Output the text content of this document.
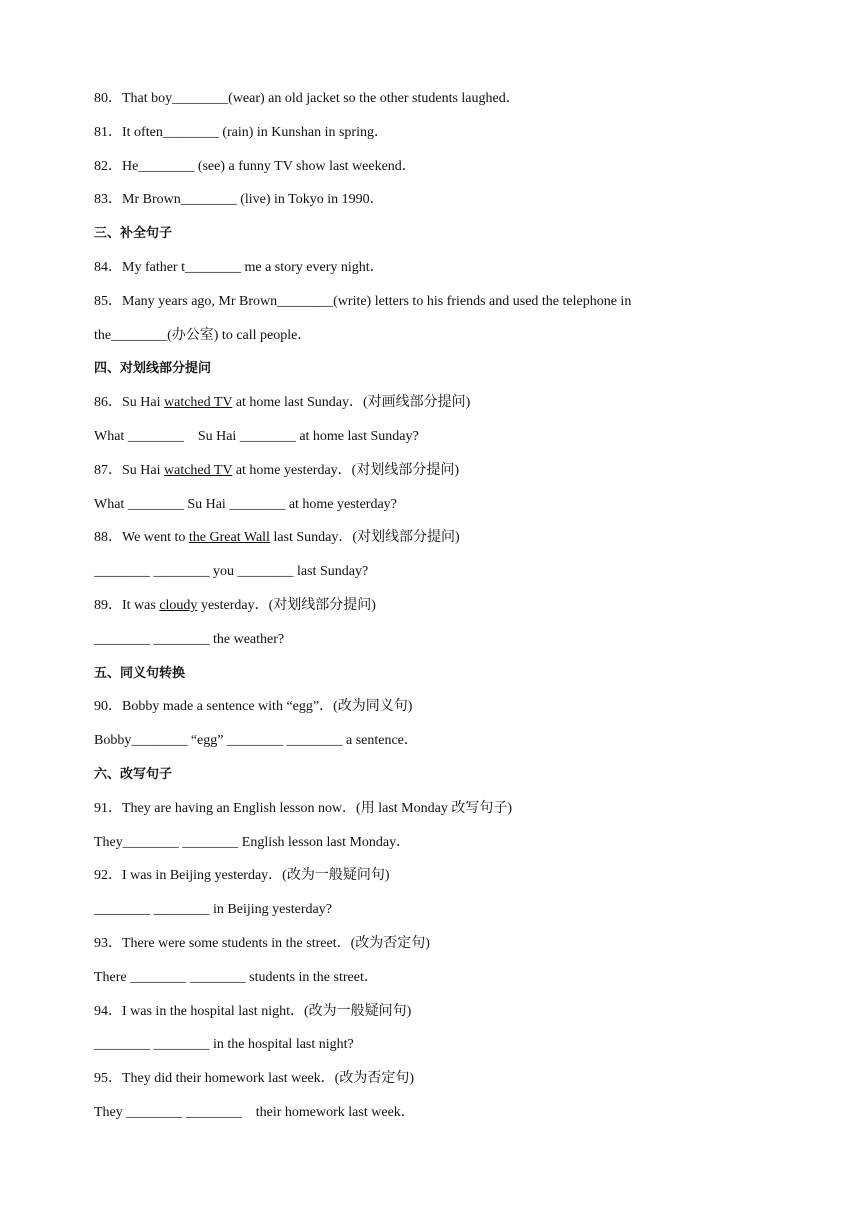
80．That boy________(wear) an old jacket so the other students laughed．
81．It often________ (rain) in Kunshan in spring．
82．He________ (see) a funny TV show last weekend．
83．Mr Brown________ (live) in Tokyo in 1990．
三、补全句子
84．My father t________ me a story every night．
85．Many years ago, Mr Brown________(write) letters to his friends and used the telephone in
the________(办公室) to call people．
四、对划线部分提问
86．Su Hai watched TV at home last Sunday．(对画线部分提问)
What ________    Su Hai ________ at home last Sunday?
87．Su Hai watched TV at home yesterday．(对划线部分提问)
What ________ Su Hai ________ at home yesterday?
88．We went to the Great Wall last Sunday．(对划线部分提问)
________ ________ you ________ last Sunday?
89．It was cloudy yesterday．(对划线部分提问)
________ ________ the weather?
五、同义句转换
90．Bobby made a sentence with “egg”．(改为同义句)
Bobby________ “egg” ________ ________ a sentence．
六、改写句子
91．They are having an English lesson now．(用 last Monday 改写句子)
They________ ________ English lesson last Monday．
92．I was in Beijing yesterday．(改为一般疑问句)
________ ________ in Beijing yesterday?
93．There were some students in the street．(改为否定句)
There ________ ________ students in the street．
94．I was in the hospital last night．(改为一般疑问句)
________ ________ in the hospital last night?
95．They did their homework last week．(改为否定句)
They ________ ________    their homework last week．
